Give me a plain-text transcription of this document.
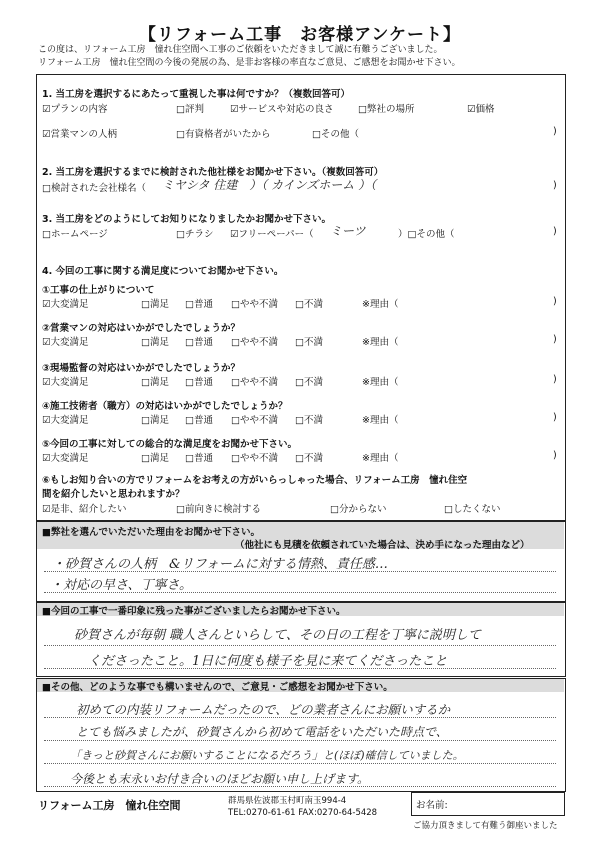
【リフォーム工事　お客様アンケート】
この度は、リフォーム工房　憧れ住空間へ工事のご依頼をいただきまして誠に有難うございました。
リフォーム工房　憧れ住空間の今後の発展の為、是非お客様の率直なご意見、ご感想をお聞かせ下さい。
1. 当工房を選択するにあたって重視した事は何ですか？（複数回答可）
☑プランの内容	□評判	☑サービスや対応の良さ	□弊社の場所	☑価格
☑営業マンの人柄	□有資格者がいたから	□その他（	)
2. 当工房を選択するまでに検討された他社様をお聞かせ下さい。（複数回答可）
□検討された会社様名（ ミヤシタ 住建　）（ カインズホーム ）（	)
3. 当工房をどのようにしてお知りになりましたかお聞かせ下さい。
□ホームページ	□チラシ ☑フリーペーパー（ ミーツ	）□その他（	)
4. 今回の工事に関する満足度についてお聞かせ下さい。
①工事の仕上がりについて
☑大変満足	□満足 □普通 □やや不満 □不満	※理由（	)
②営業マンの対応はいかがでしたでしょうか？
☑大変満足	□満足 □普通 □やや不満 □不満	※理由（	)
③現場監督の対応はいかがでしたでしょうか？
☑大変満足	□満足 □普通 □やや不満 □不満	※理由（	)
④施工技術者（職方）の対応はいかがでしたでしょうか？
☑大変満足	□満足 □普通 □やや不満 □不満	※理由（	)
⑤今回の工事に対しての総合的な満足度をお聞かせ下さい。
☑大変満足	□満足 □普通 □やや不満 □不満	※理由（	)
⑥もしお知り合いの方でリフォームをお考えの方がいらっしゃった場合、リフォーム工房　憧れ住空
間を紹介したいと思われますか？
☑是非、紹介したい	□前向きに検討する	□分からない	□したくない
■弊社を選んでいただいた理由をお聞かせ下さい。
（他社にも見積を依頼されていた場合は、決め手になった理由など）
・砂賀さんの人柄　&リフォームに対する情熱、責任感…
・対応の早さ、丁寧さ。
■今回の工事で一番印象に残った事がございましたらお聞かせ下さい。
砂賀さんが毎朝 職人さんといらして、その日の工程を丁寧に説明して
くださったこと。1日に何度も様子を見に来てくださったこと
■その他、どのような事でも構いませんので、ご意見・ご感想をお聞かせ下さい。
初めての内装リフォームだったので、どの業者さんにお願いするか
とても悩みましたが、砂賀さんから初めて電話をいただいた時点で、
「きっと砂賀さんにお願いすることになるだろう」と(ほぼ)確信していました。
今後とも末永いお付き合いのほどお願い申し上げます。
リフォーム工房　憧れ住空間	群馬県佐波郡玉村町南玉994-4
TEL:0270-61-61 FAX:0270-64-5428
お名前:
ご協力頂きまして有難う御座いました
